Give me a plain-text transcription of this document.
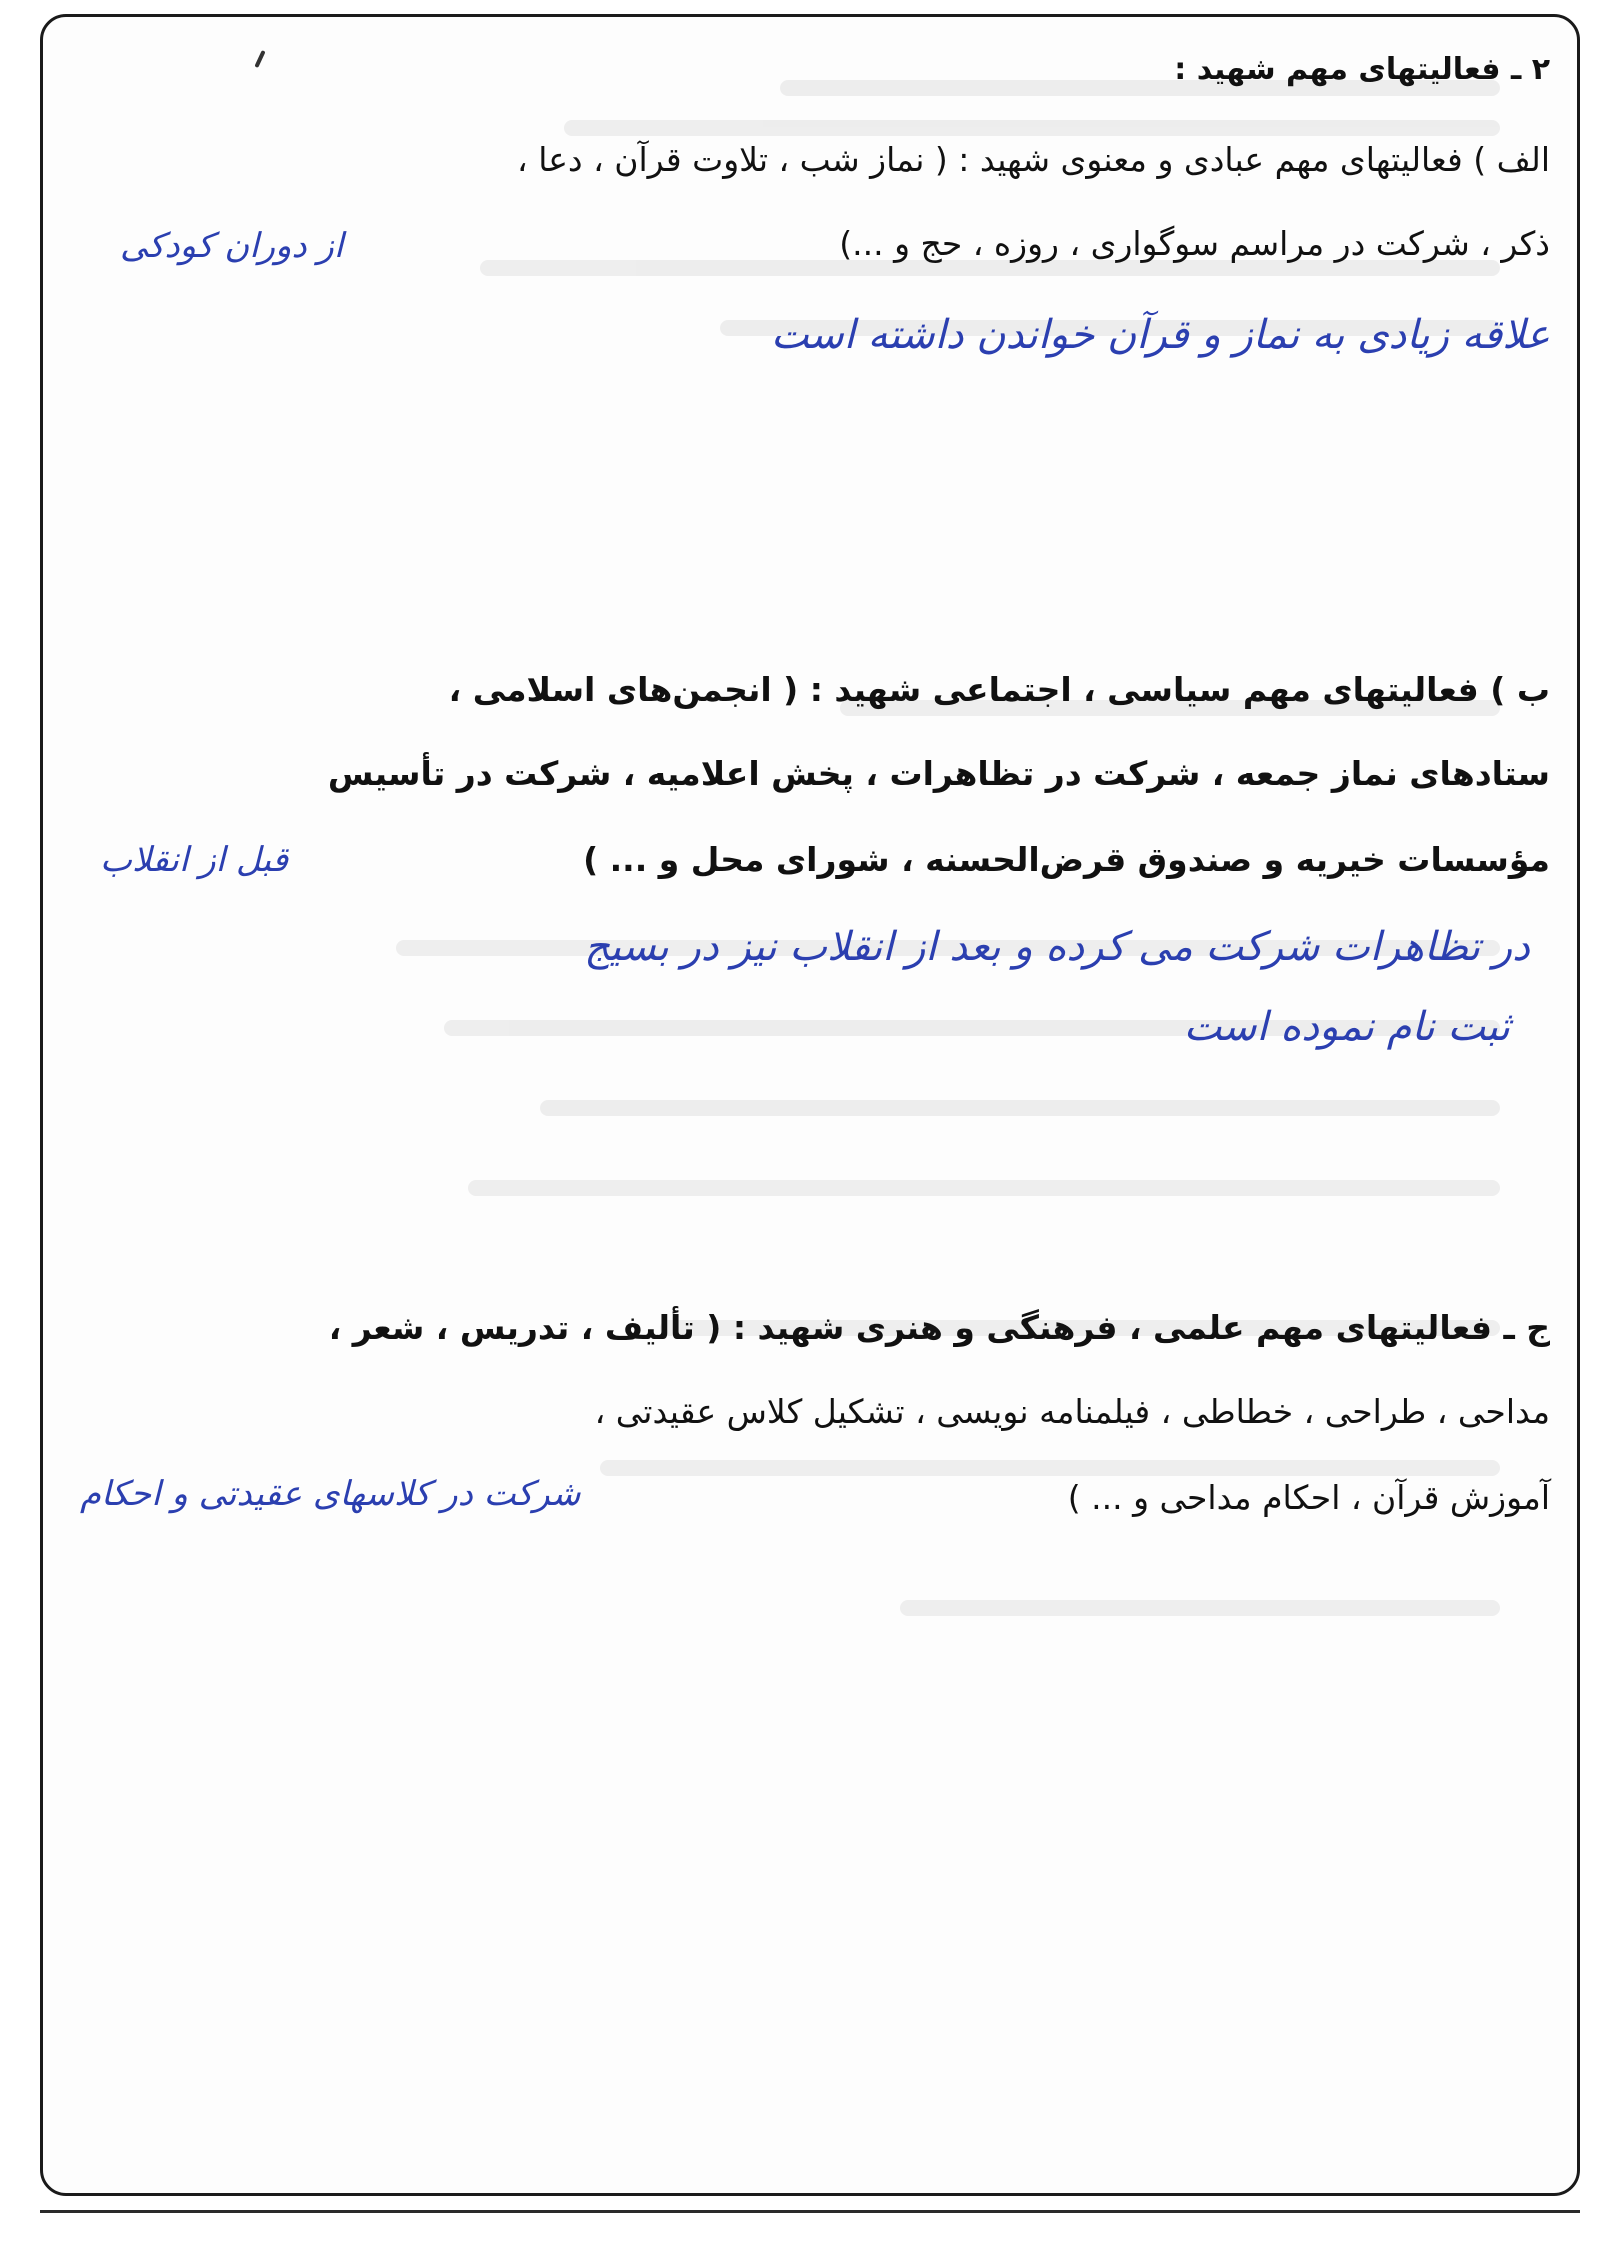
۲ ـ فعالیتهای مهم شهید :
الف ) فعالیتهای مهم عبادی و معنوی شهید : ( نماز شب ، تلاوت قرآن ، دعا ،
ذکر ، شرکت در مراسم سوگواری ، روزه ، حج و ...)
از دوران کودکی
علاقه زیادی به نماز و قرآن خواندن داشته است
ب ) فعالیتهای مهم سیاسی ، اجتماعی شهید : ( انجمن‌های اسلامی ،
ستادهای نماز جمعه ، شرکت در تظاهرات ، پخش اعلامیه ، شرکت در تأسیس
مؤسسات خیریه و صندوق قرض‌الحسنه ، شورای محل و ... )
قبل از انقلاب
در تظاهرات شرکت می کرده و بعد از انقلاب نیز در بسیج
ثبت نام نموده است
ج ـ فعالیتهای مهم علمی ، فرهنگی و هنری شهید : ( تألیف ، تدریس ، شعر ،
مداحی ، طراحی ، خطاطی ، فیلمنامه نویسی ، تشکیل کلاس عقیدتی ،
آموزش قرآن ، احکام مداحی و ... )
شرکت در کلاسهای عقیدتی و احکام
